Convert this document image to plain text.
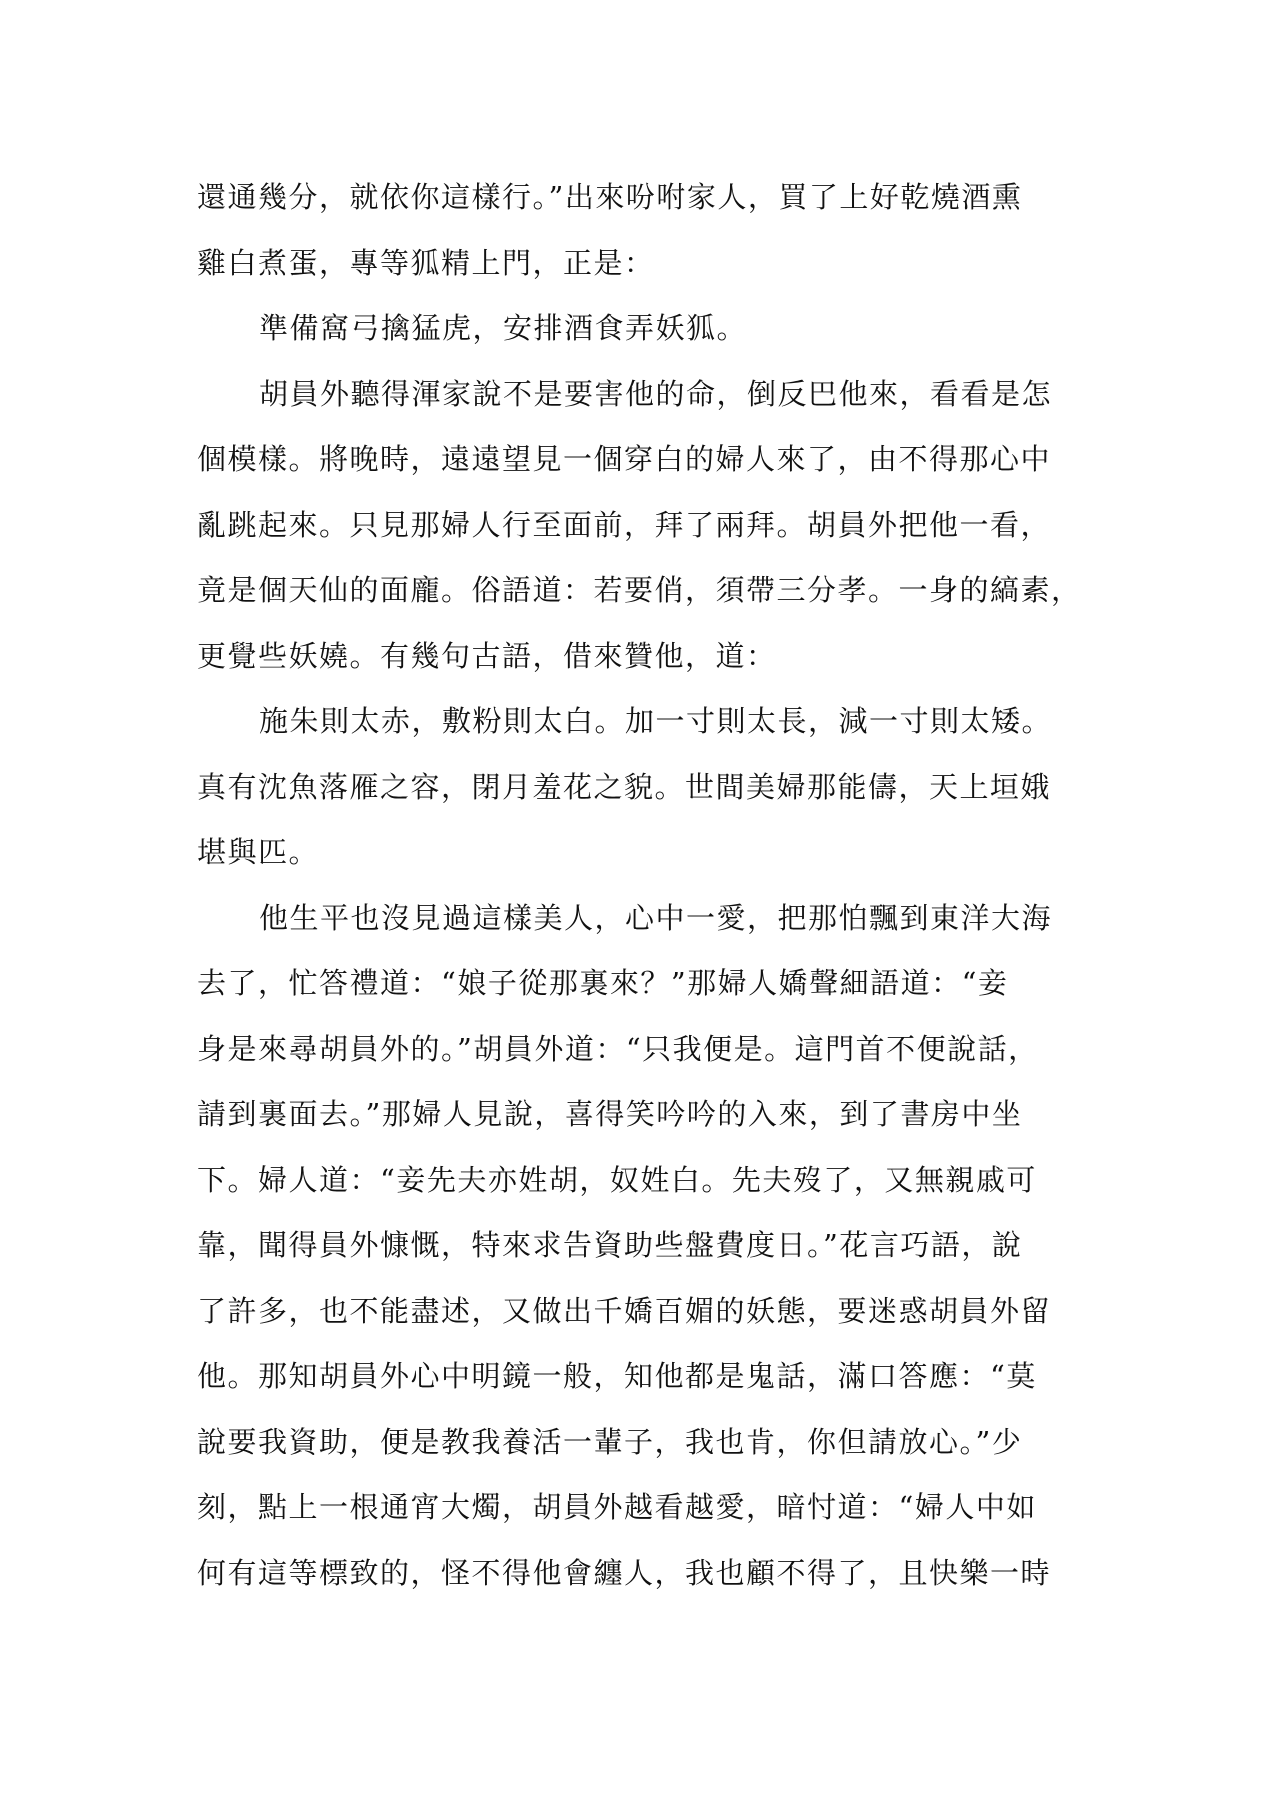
還通幾分，就依你這樣行。”出來吩咐家人，買了上好乾燒酒熏
雞白煮蛋，專等狐精上門，正是：
準備窩弓擒猛虎，安排酒食弄妖狐。
胡員外聽得渾家說不是要害他的命，倒反巴他來，看看是怎
個模樣。將晚時，遠遠望見一個穿白的婦人來了，由不得那心中
亂跳起來。只見那婦人行至面前，拜了兩拜。胡員外把他一看，
竟是個天仙的面龐。俗語道：若要俏，須帶三分孝。一身的縞素，
更覺些妖嬈。有幾句古語，借來贊他，道：
施朱則太赤，敷粉則太白。加一寸則太長，減一寸則太矮。
真有沈魚落雁之容，閉月羞花之貌。世間美婦那能儔，天上垣娥
堪與匹。
他生平也沒見過這樣美人，心中一愛，把那怕飄到東洋大海
去了，忙答禮道：“娘子從那裏來？”那婦人嬌聲細語道：“妾
身是來尋胡員外的。”胡員外道：“只我便是。這門首不便說話，
請到裏面去。”那婦人見說，喜得笑吟吟的入來，到了書房中坐
下。婦人道：“妾先夫亦姓胡，奴姓白。先夫歿了，又無親戚可
靠，聞得員外慷慨，特來求告資助些盤費度日。”花言巧語，說
了許多，也不能盡述，又做出千嬌百媚的妖態，要迷惑胡員外留
他。那知胡員外心中明鏡一般，知他都是鬼話，滿口答應：“莫
說要我資助，便是教我養活一輩子，我也肯，你但請放心。”少
刻，點上一根通宵大燭，胡員外越看越愛，暗忖道：“婦人中如
何有這等標致的，怪不得他會纏人，我也顧不得了，且快樂一時
